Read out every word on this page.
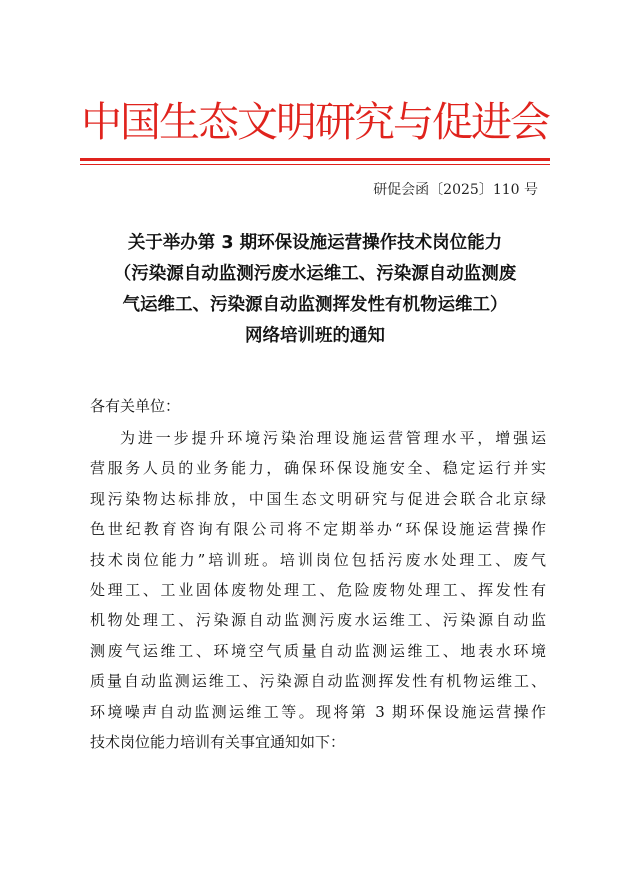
中国生态文明研究与促进会
研促会函〔2025〕110 号
关于举办第 3 期环保设施运营操作技术岗位能力
（污染源自动监测污废水运维工、污染源自动监测废
气运维工、污染源自动监测挥发性有机物运维工）
网络培训班的通知
各有关单位：
为进一步提升环境污染治理设施运营管理水平，增强运
营服务人员的业务能力，确保环保设施安全、稳定运行并实
现污染物达标排放，中国生态文明研究与促进会联合北京绿
色世纪教育咨询有限公司将不定期举办“环保设施运营操作
技术岗位能力”培训班。培训岗位包括污废水处理工、废气
处理工、工业固体废物处理工、危险废物处理工、挥发性有
机物处理工、污染源自动监测污废水运维工、污染源自动监
测废气运维工、环境空气质量自动监测运维工、地表水环境
质量自动监测运维工、污染源自动监测挥发性有机物运维工、
环境噪声自动监测运维工等。现将第 3 期环保设施运营操作
技术岗位能力培训有关事宜通知如下：
